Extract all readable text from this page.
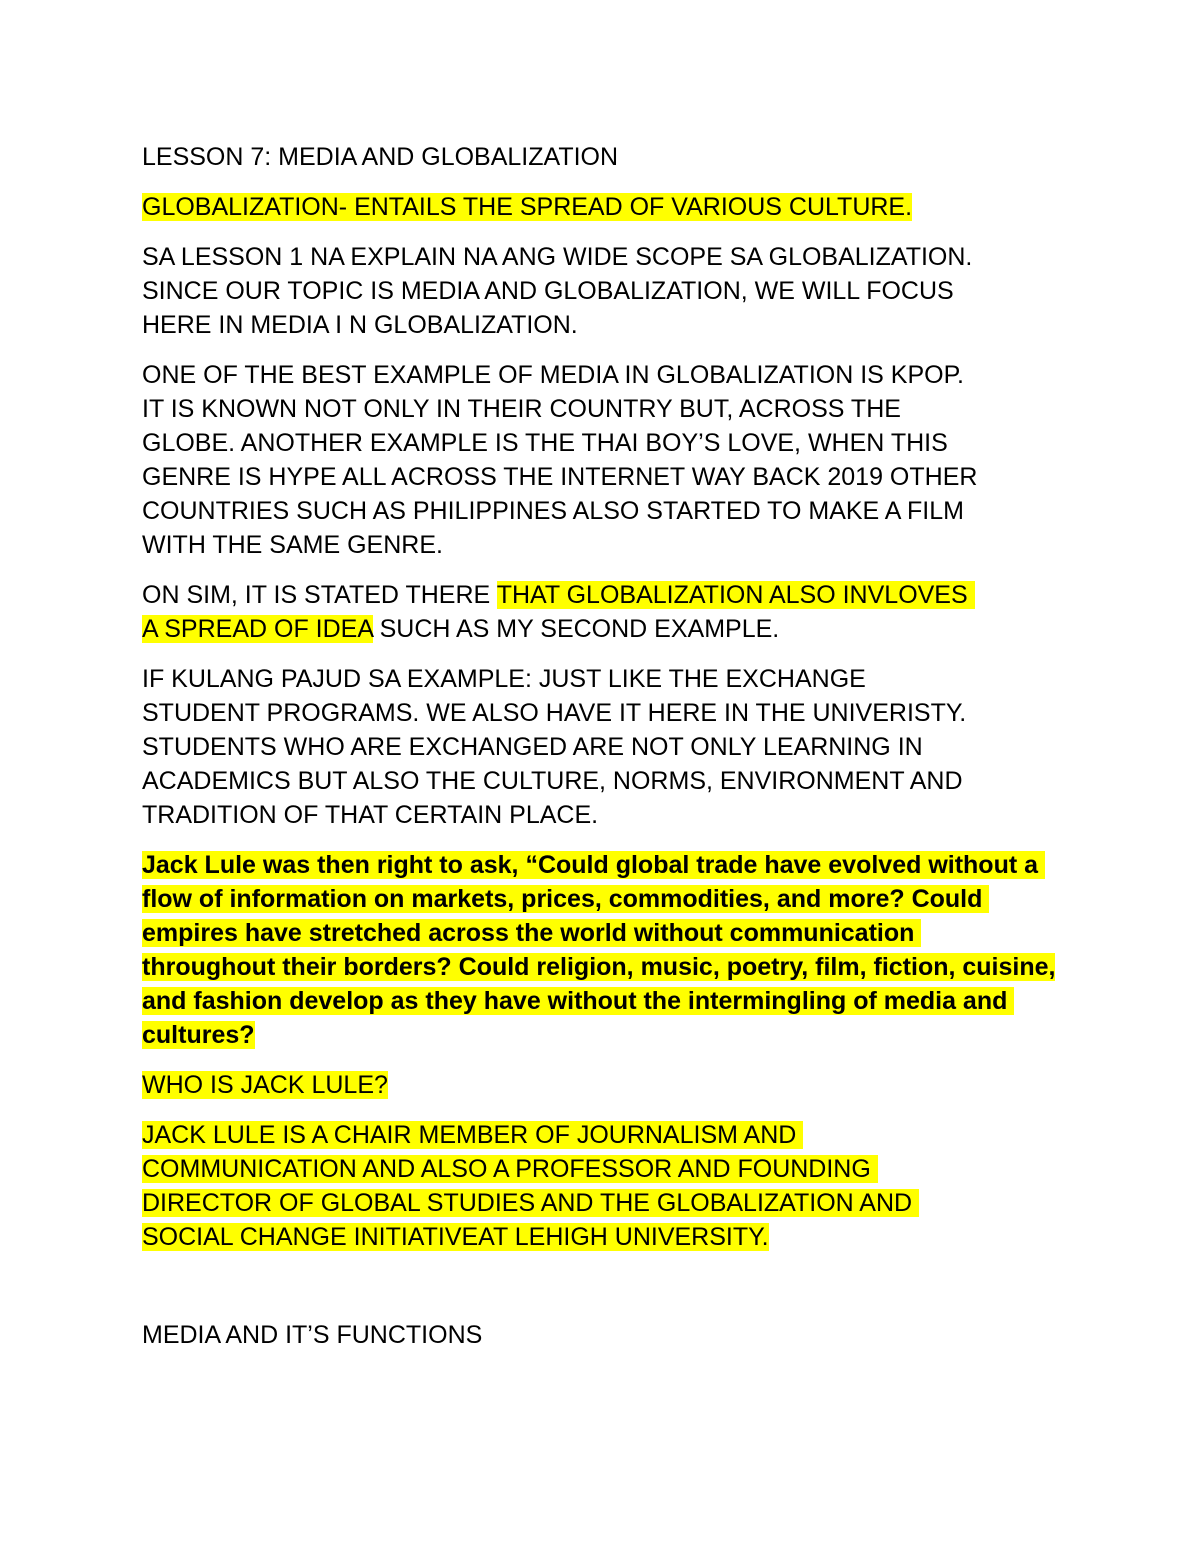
LESSON 7: MEDIA AND GLOBALIZATION

GLOBALIZATION- ENTAILS THE SPREAD OF VARIOUS CULTURE.

SA LESSON 1 NA EXPLAIN NA ANG WIDE SCOPE SA GLOBALIZATION.

SINCE OUR TOPIC IS MEDIA AND GLOBALIZATION, WE WILL FOCUS

HERE IN MEDIA I N GLOBALIZATION.

ONE OF THE BEST EXAMPLE OF MEDIA IN GLOBALIZATION IS KPOP.

IT IS KNOWN NOT ONLY IN THEIR COUNTRY BUT, ACROSS THE

GLOBE. ANOTHER EXAMPLE IS THE THAI BOY’S LOVE, WHEN THIS

GENRE IS HYPE ALL ACROSS THE INTERNET WAY BACK 2019 OTHER

COUNTRIES SUCH AS PHILIPPINES ALSO STARTED TO MAKE A FILM

WITH THE SAME GENRE.

ON SIM, IT IS STATED THERE THAT GLOBALIZATION ALSO INVLOVES

A SPREAD OF IDEA SUCH AS MY SECOND EXAMPLE.

IF KULANG PAJUD SA EXAMPLE: JUST LIKE THE EXCHANGE

STUDENT PROGRAMS. WE ALSO HAVE IT HERE IN THE UNIVERISTY.

STUDENTS WHO ARE EXCHANGED ARE NOT ONLY LEARNING IN

ACADEMICS BUT ALSO THE CULTURE, NORMS, ENVIRONMENT AND

TRADITION OF THAT CERTAIN PLACE.

Jack Lule was then right to ask, “Could global trade have evolved without a

flow of information on markets, prices, commodities, and more? Could

empires have stretched across the world without communication

throughout their borders? Could religion, music, poetry, film, fiction, cuisine,

and fashion develop as they have without the intermingling of media and

cultures?

WHO IS JACK LULE?

JACK LULE IS A CHAIR MEMBER OF JOURNALISM AND

COMMUNICATION AND ALSO A PROFESSOR AND FOUNDING

DIRECTOR OF GLOBAL STUDIES AND THE GLOBALIZATION AND

SOCIAL CHANGE INITIATIVEAT LEHIGH UNIVERSITY.

MEDIA AND IT’S FUNCTIONS
